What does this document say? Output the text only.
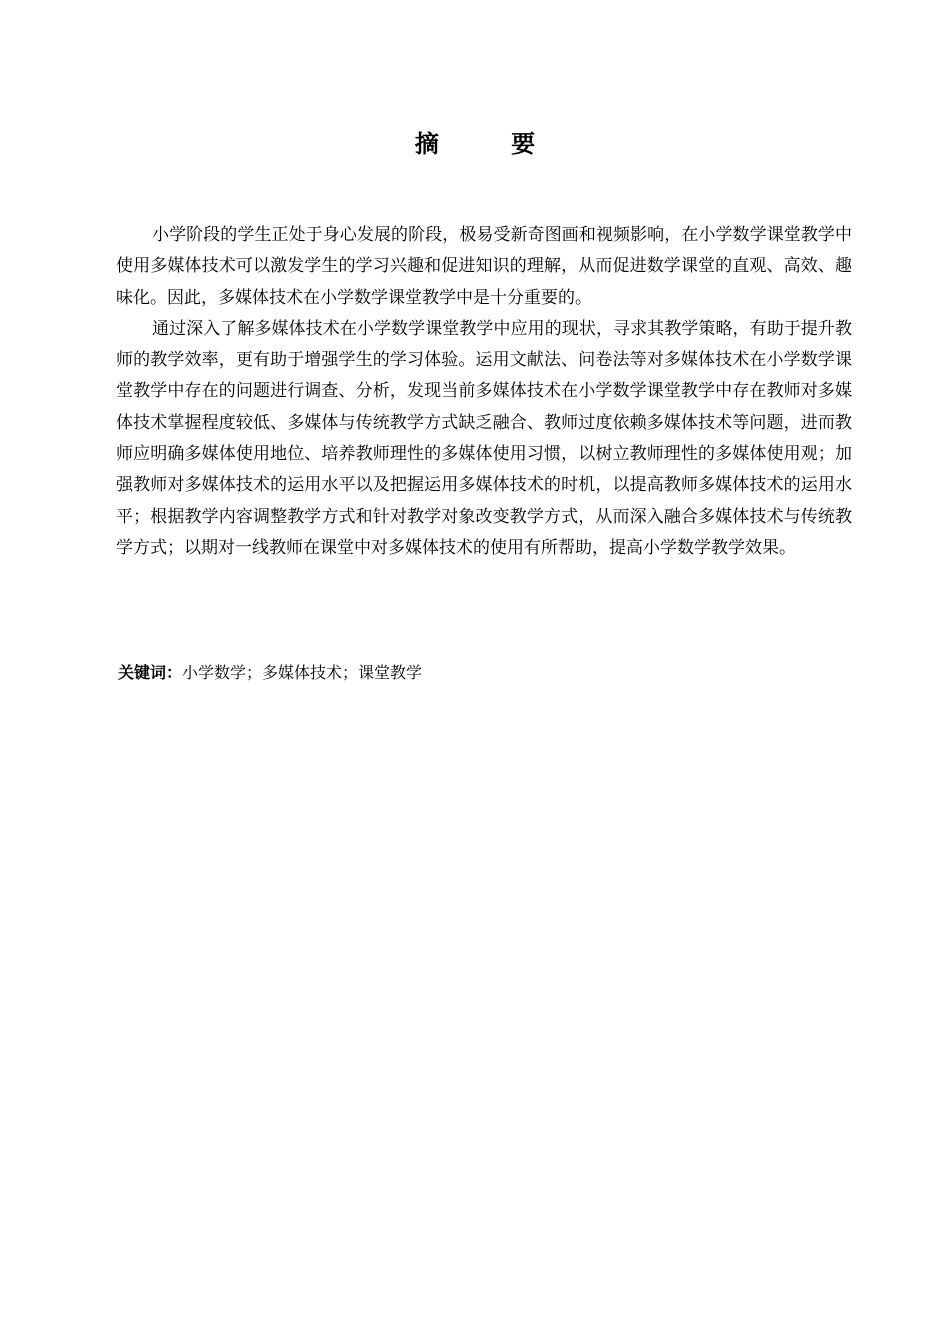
摘 要

小学阶段的学生正处于身心发展的阶段，极易受新奇图画和视频影响，在小学数学课堂教学中使用多媒体技术可以激发学生的学习兴趣和促进知识的理解，从而促进数学课堂的直观、高效、趣味化。因此，多媒体技术在小学数学课堂教学中是十分重要的。

通过深入了解多媒体技术在小学数学课堂教学中应用的现状，寻求其教学策略，有助于提升教师的教学效率，更有助于增强学生的学习体验。运用文献法、问卷法等对多媒体技术在小学数学课堂教学中存在的问题进行调查、分析，发现当前多媒体技术在小学数学课堂教学中存在教师对多媒体技术掌握程度较低、多媒体与传统教学方式缺乏融合、教师过度依赖多媒体技术等问题，进而教师应明确多媒体使用地位、培养教师理性的多媒体使用习惯，以树立教师理性的多媒体使用观；加强教师对多媒体技术的运用水平以及把握运用多媒体技术的时机，以提高教师多媒体技术的运用水平；根据教学内容调整教学方式和针对教学对象改变教学方式，从而深入融合多媒体技术与传统教学方式；以期对一线教师在课堂中对多媒体技术的使用有所帮助，提高小学数学教学效果。

关键词：小学数学；多媒体技术；课堂教学
